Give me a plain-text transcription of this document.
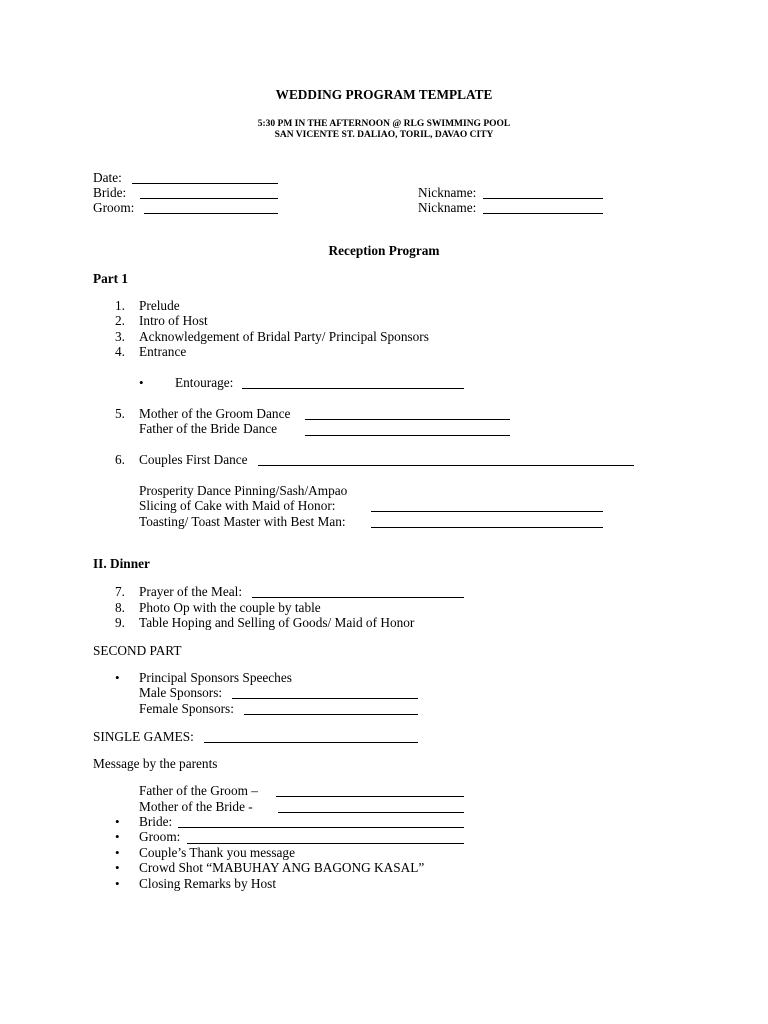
WEDDING PROGRAM TEMPLATE
5:30 PM IN THE AFTERNOON @ RLG SWIMMING POOL
SAN VICENTE ST. DALIAO, TORIL, DAVAO CITY
Date:
Bride:
Groom:
Nickname:
Nickname:
Reception Program
Part 1
1. Prelude
2. Intro of Host
3. Acknowledgement of Bridal Party/ Principal Sponsors
4. Entrance
• Entourage:
5. Mother of the Groom Dance
Father of the Bride Dance
6. Couples First Dance
Prosperity Dance Pinning/Sash/Ampao
Slicing of Cake with Maid of Honor:
Toasting/ Toast Master with Best Man:
II. Dinner
7. Prayer of the Meal:
8. Photo Op with the couple by table
9. Table Hoping and Selling of Goods/ Maid of Honor
SECOND PART
• Principal Sponsors Speeches
Male Sponsors:
Female Sponsors:
SINGLE GAMES:
Message by the parents
Father of the Groom –
Mother of the Bride -
• Bride:
• Groom:
• Couple’s Thank you message
• Crowd Shot “MABUHAY ANG BAGONG KASAL”
• Closing Remarks by Host
